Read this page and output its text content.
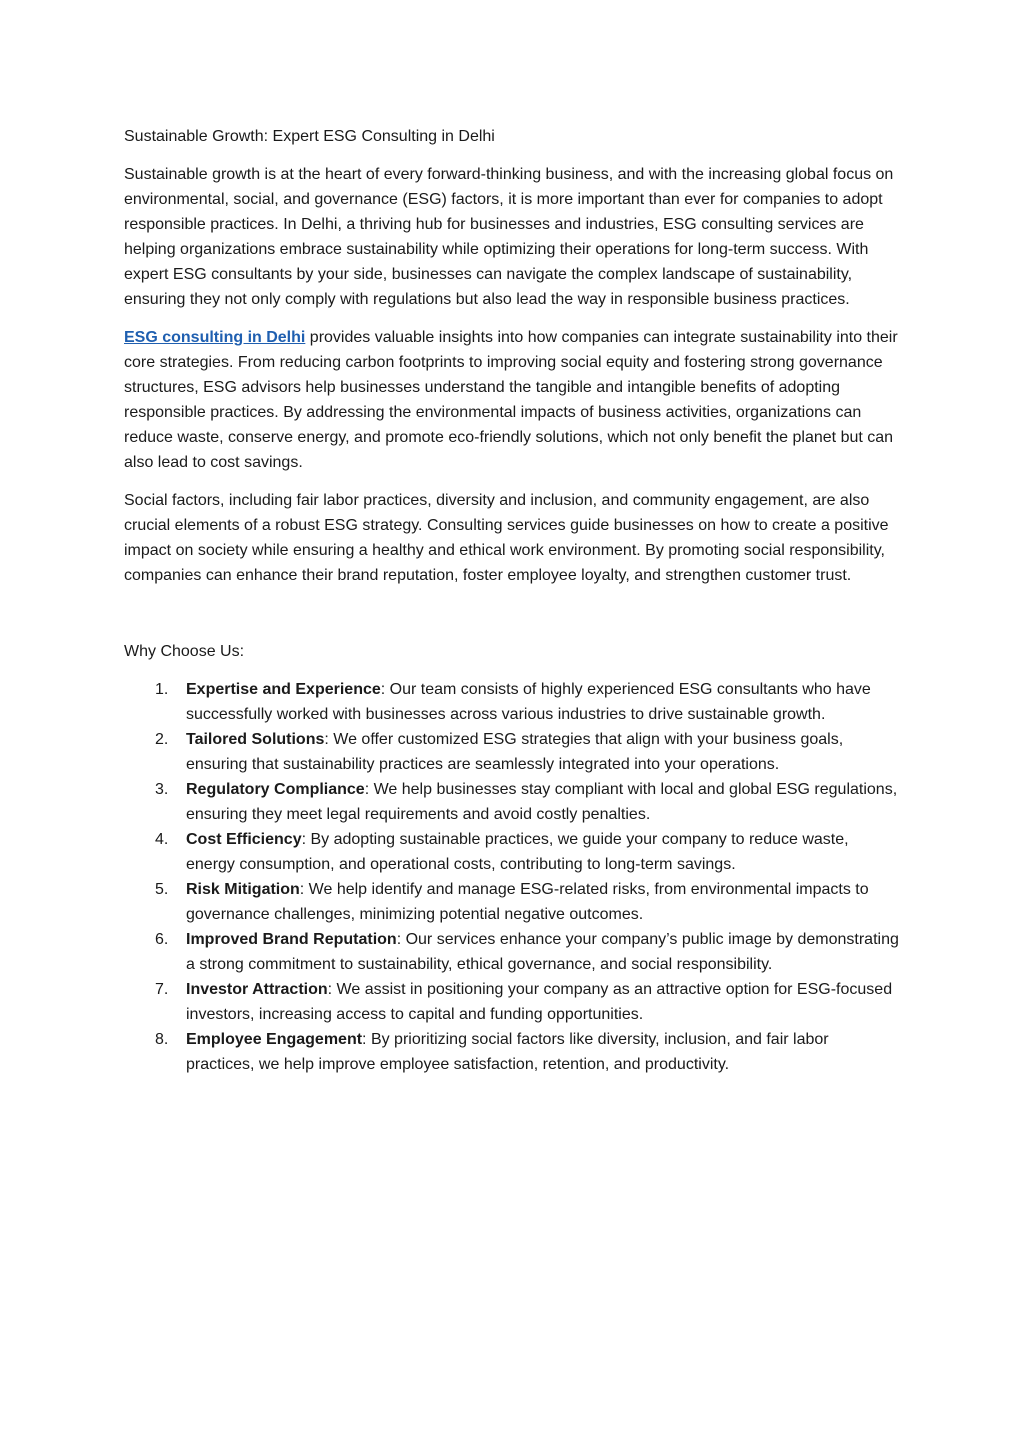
Sustainable Growth: Expert ESG Consulting in Delhi

Sustainable growth is at the heart of every forward-thinking business, and with the increasing global focus on environmental, social, and governance (ESG) factors, it is more important than ever for companies to adopt responsible practices. In Delhi, a thriving hub for businesses and industries, ESG consulting services are helping organizations embrace sustainability while optimizing their operations for long-term success. With expert ESG consultants by your side, businesses can navigate the complex landscape of sustainability, ensuring they not only comply with regulations but also lead the way in responsible business practices.

ESG consulting in Delhi provides valuable insights into how companies can integrate sustainability into their core strategies. From reducing carbon footprints to improving social equity and fostering strong governance structures, ESG advisors help businesses understand the tangible and intangible benefits of adopting responsible practices. By addressing the environmental impacts of business activities, organizations can reduce waste, conserve energy, and promote eco-friendly solutions, which not only benefit the planet but can also lead to cost savings.

Social factors, including fair labor practices, diversity and inclusion, and community engagement, are also crucial elements of a robust ESG strategy. Consulting services guide businesses on how to create a positive impact on society while ensuring a healthy and ethical work environment. By promoting social responsibility, companies can enhance their brand reputation, foster employee loyalty, and strengthen customer trust.

Why Choose Us:

1. Expertise and Experience: Our team consists of highly experienced ESG consultants who have successfully worked with businesses across various industries to drive sustainable growth.
2. Tailored Solutions: We offer customized ESG strategies that align with your business goals, ensuring that sustainability practices are seamlessly integrated into your operations.
3. Regulatory Compliance: We help businesses stay compliant with local and global ESG regulations, ensuring they meet legal requirements and avoid costly penalties.
4. Cost Efficiency: By adopting sustainable practices, we guide your company to reduce waste, energy consumption, and operational costs, contributing to long-term savings.
5. Risk Mitigation: We help identify and manage ESG-related risks, from environmental impacts to governance challenges, minimizing potential negative outcomes.
6. Improved Brand Reputation: Our services enhance your company’s public image by demonstrating a strong commitment to sustainability, ethical governance, and social responsibility.
7. Investor Attraction: We assist in positioning your company as an attractive option for ESG-focused investors, increasing access to capital and funding opportunities.
8. Employee Engagement: By prioritizing social factors like diversity, inclusion, and fair labor practices, we help improve employee satisfaction, retention, and productivity.
